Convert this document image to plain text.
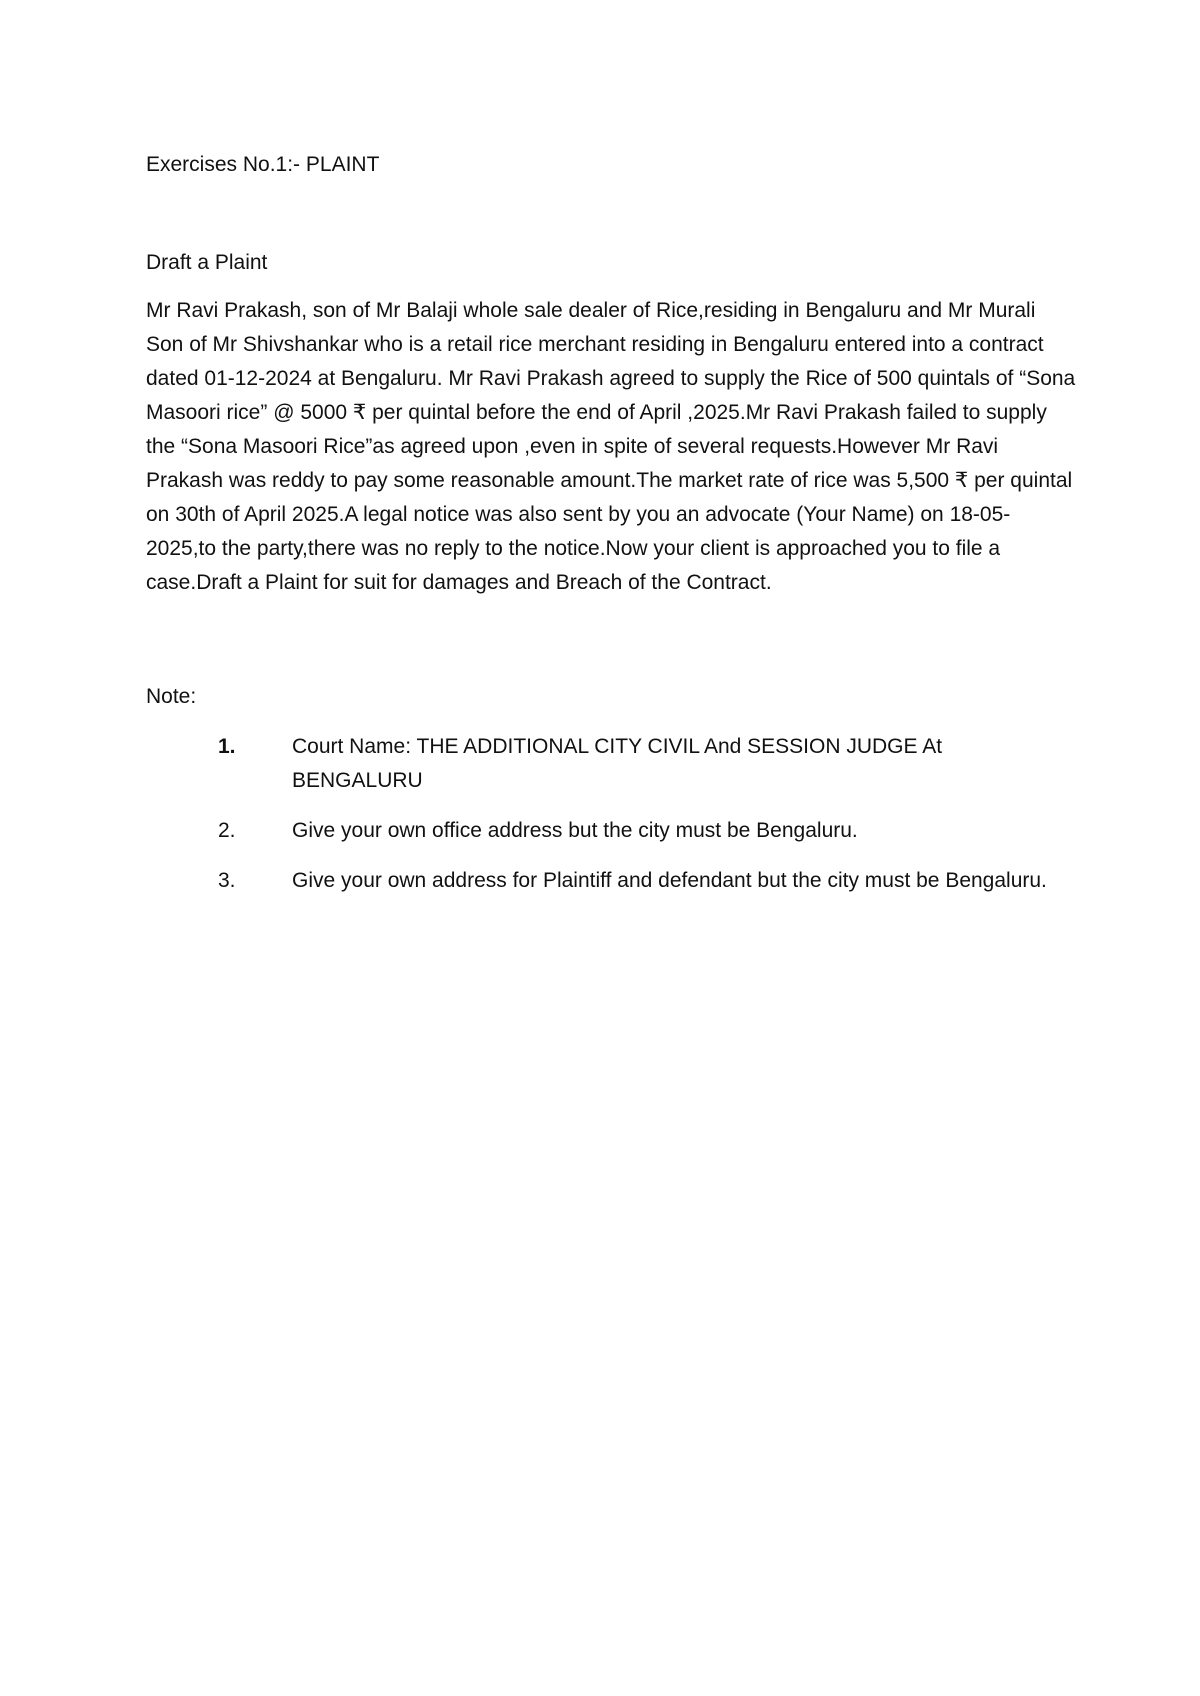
Exercises No.1:- PLAINT

Draft a Plaint

Mr Ravi Prakash, son of Mr Balaji whole sale dealer of Rice,residing in Bengaluru and Mr Murali Son of Mr Shivshankar who is a retail rice merchant residing in Bengaluru entered into a contract dated 01-12-2024 at Bengaluru. Mr Ravi Prakash agreed to supply the Rice of 500 quintals of “Sona Masoori rice” @ 5000 ₹ per quintal before the end of April ,2025.Mr Ravi Prakash failed to supply the “Sona Masoori Rice”as agreed upon ,even in spite of several requests.However Mr Ravi Prakash was reddy to pay some reasonable amount.The market rate of rice was 5,500 ₹ per quintal on 30th of April 2025.A legal notice was also sent by you an advocate (Your Name) on 18-05-2025,to the party,there was no reply to the notice.Now your client is approached you to file a case.Draft a Plaint for suit for damages and Breach of the Contract.

Note:

1.	Court Name: THE ADDITIONAL CITY CIVIL And SESSION JUDGE At BENGALURU
2.	Give your own office address but the city must be Bengaluru.
3.	Give your own address for Plaintiff and defendant but the city must be Bengaluru.
